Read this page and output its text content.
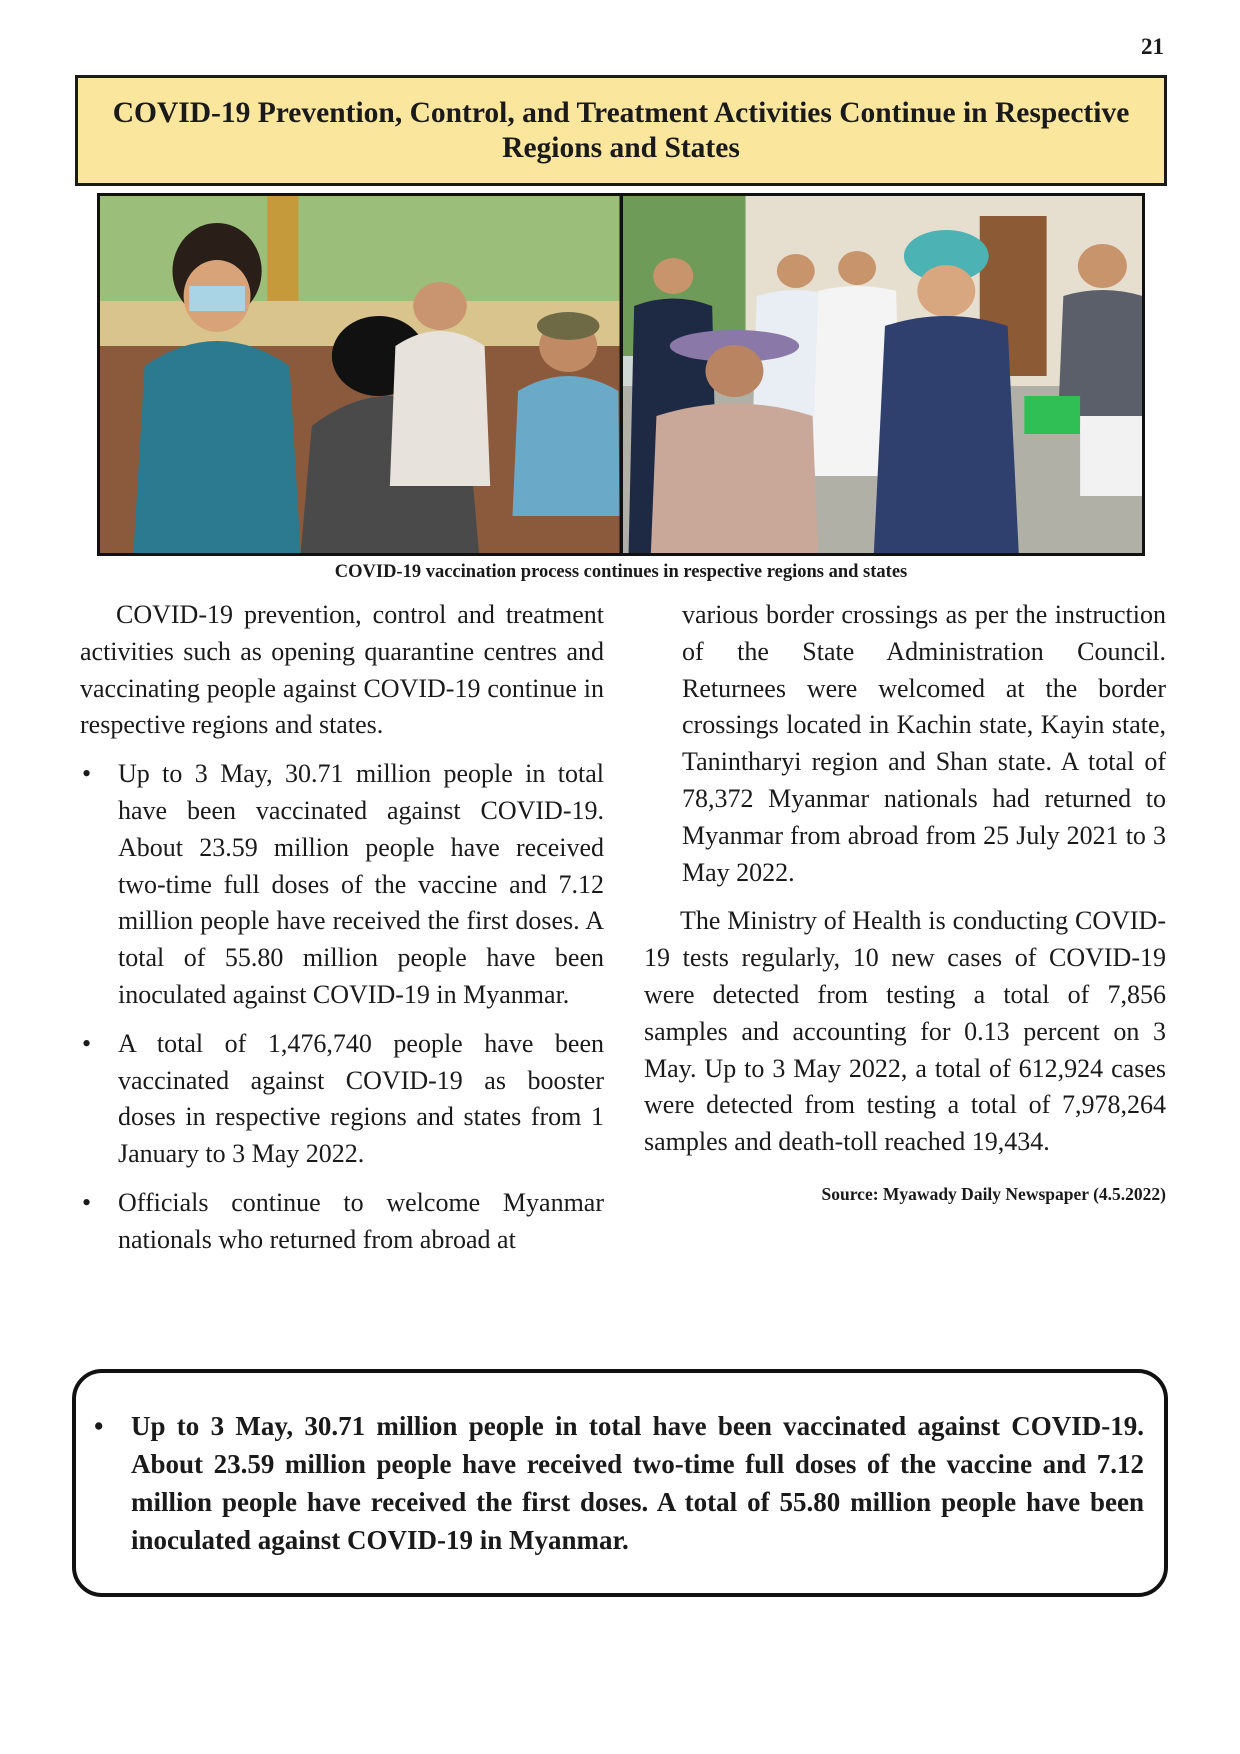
21
COVID-19 Prevention, Control, and Treatment Activities Continue in Respective Regions and States
COVID-19 vaccination process continues in respective regions and states

COVID-19 prevention, control and treatment activities such as opening quarantine centres and vaccinating people against COVID-19 continue in respective regions and states.

• Up to 3 May, 30.71 million people in total have been vaccinated against COVID-19. About 23.59 million people have received two-time full doses of the vaccine and 7.12 million people have received the first doses. A total of 55.80 million people have been inoculated against COVID-19 in Myanmar.
• A total of 1,476,740 people have been vaccinated against COVID-19 as booster doses in respective regions and states from 1 January to 3 May 2022.
• Officials continue to welcome Myanmar nationals who returned from abroad at

various border crossings as per the instruction of the State Administration Council. Returnees were welcomed at the border crossings located in Kachin state, Kayin state, Tanintharyi region and Shan state. A total of 78,372 Myanmar nationals had returned to Myanmar from abroad from 25 July 2021 to 3 May 2022.

The Ministry of Health is conducting COVID-19 tests regularly, 10 new cases of COVID-19 were detected from testing a total of 7,856 samples and accounting for 0.13 percent on 3 May. Up to 3 May 2022, a total of 612,924 cases were detected from testing a total of 7,978,264 samples and death-toll reached 19,434.

Source: Myawady Daily Newspaper (4.5.2022)
• Up to 3 May, 30.71 million people in total have been vaccinated against COVID-19. About 23.59 million people have received two-time full doses of the vaccine and 7.12 million people have received the first doses. A total of 55.80 million people have been inoculated against COVID-19 in Myanmar.
